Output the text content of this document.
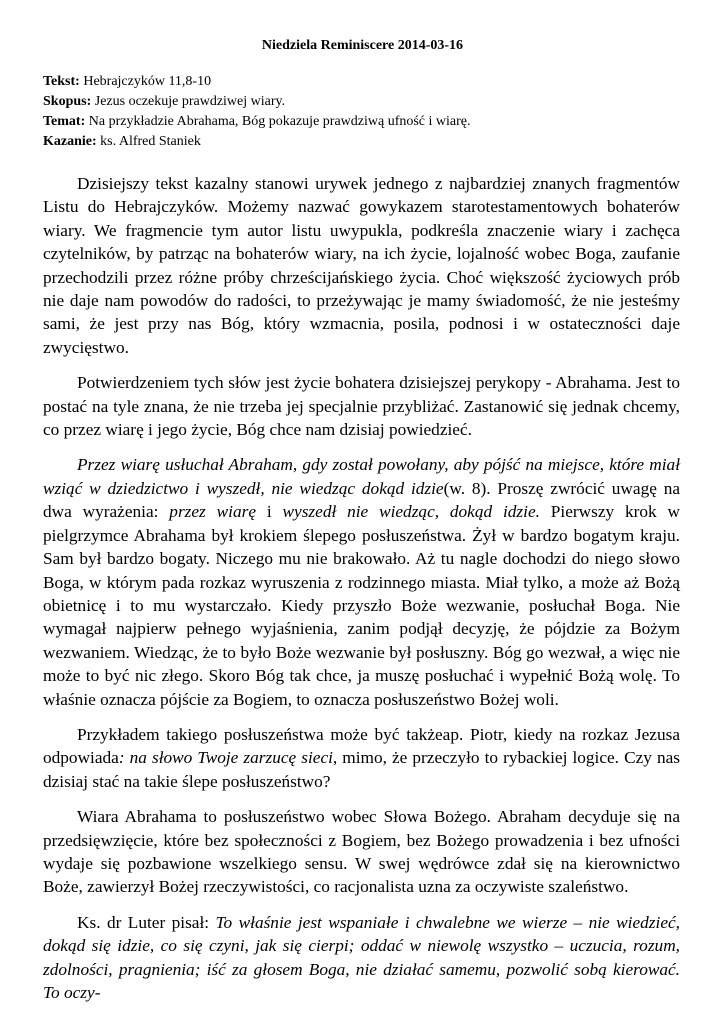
Niedziela Reminiscere 2014-03-16
Tekst: Hebrajczyków 11,8-10
Skopus: Jezus oczekuje prawdziwej wiary.
Temat: Na przykładzie Abrahama, Bóg pokazuje prawdziwą ufność i wiarę.
Kazanie: ks. Alfred Staniek

Dzisiejszy tekst kazalny stanowi urywek jednego z najbardziej znanych fragmentów Listu do Hebrajczyków. Możemy nazwać gowykazem starotestamentowych bohaterów wiary. We fragmencie tym autor listu uwypukla, podkreśla znaczenie wiary i zachęca czytelników, by patrząc na bohaterów wiary, na ich życie, lojalność wobec Boga, zaufanie przechodzili przez różne próby chrześcijańskiego życia. Choć większość życiowych prób nie daje nam powodów do radości, to przeżywając je mamy świadomość, że nie jesteśmy sami, że jest przy nas Bóg, który wzmacnia, posila, podnosi i w ostateczności daje zwycięstwo.

Potwierdzeniem tych słów jest życie bohatera dzisiejszej perykopy - Abrahama. Jest to postać na tyle znana, że nie trzeba jej specjalnie przybliżać. Zastanowić się jednak chcemy, co przez wiarę i jego życie, Bóg chce nam dzisiaj powiedzieć.

Przez wiarę usłuchał Abraham, gdy został powołany, aby pójść na miejsce, które miał wziąć w dziedzictwo i wyszedł, nie wiedząc dokąd idzie(w. 8). Proszę zwrócić uwagę na dwa wyrażenia: przez wiarę i wyszedł nie wiedząc, dokąd idzie. Pierwszy krok w pielgrzymce Abrahama był krokiem ślepego posłuszeństwa. Żył w bardzo bogatym kraju. Sam był bardzo bogaty. Niczego mu nie brakowało. Aż tu nagle dochodzi do niego słowo Boga, w którym pada rozkaz wyruszenia z rodzinnego miasta. Miał tylko, a może aż Bożą obietnicę i to mu wystarczało. Kiedy przyszło Boże wezwanie, posłuchał Boga. Nie wymagał najpierw pełnego wyjaśnienia, zanim podjął decyzję, że pójdzie za Bożym wezwaniem. Wiedząc, że to było Boże wezwanie był posłuszny. Bóg go wezwał, a więc nie może to być nic złego. Skoro Bóg tak chce, ja muszę posłuchać i wypełnić Bożą wolę. To właśnie oznacza pójście za Bogiem, to oznacza posłuszeństwo Bożej woli.

Przykładem takiego posłuszeństwa może być takżeap. Piotr, kiedy na rozkaz Jezusa odpowiada: na słowo Twoje zarzucę sieci, mimo, że przeczyło to rybackiej logice. Czy nas dzisiaj stać na takie ślepe posłuszeństwo?

Wiara Abrahama to posłuszeństwo wobec Słowa Bożego. Abraham decyduje się na przedsięwzięcie, które bez społeczności z Bogiem, bez Bożego prowadzenia i bez ufności wydaje się pozbawione wszelkiego sensu. W swej wędrówce zdał się na kierownictwo Boże, zawierzył Bożej rzeczywistości, co racjonalista uzna za oczywiste szaleństwo.

Ks. dr Luter pisał: To właśnie jest wspaniałe i chwalebne we wierze – nie wiedzieć, dokąd się idzie, co się czyni, jak się cierpi; oddać w niewolę wszystko – uczucia, rozum, zdolności, pragnienia; iść za głosem Boga, nie działać samemu, pozwolić sobą kierować. To oczy-
